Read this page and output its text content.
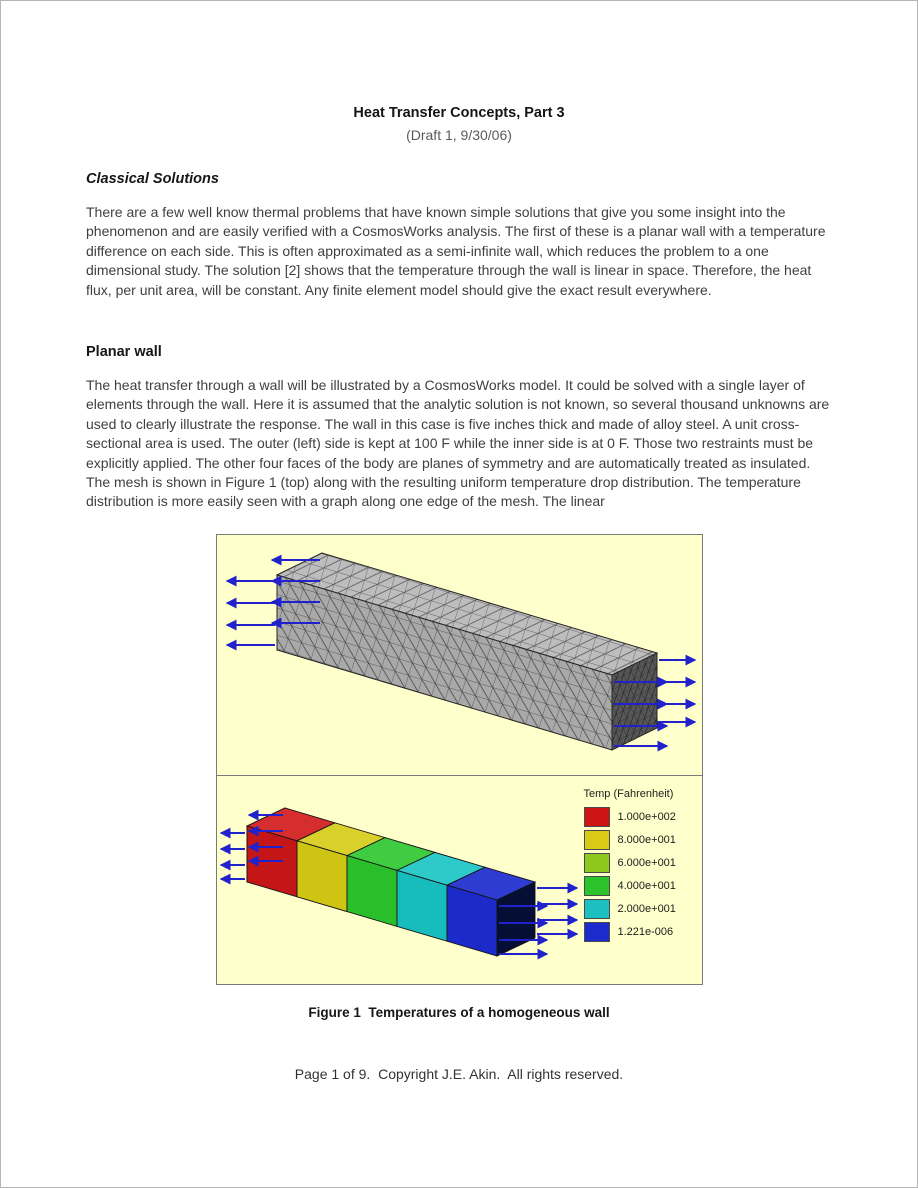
Heat Transfer Concepts, Part 3
(Draft 1, 9/30/06)
Classical Solutions

There are a few well know thermal problems that have known simple solutions that give you some insight into the phenomenon and are easily verified with a CosmosWorks analysis. The first of these is a planar wall with a temperature difference on each side. This is often approximated as a semi-infinite wall, which reduces the problem to a one dimensional study. The solution [2] shows that the temperature through the wall is linear in space. Therefore, the heat flux, per unit area, will be constant. Any finite element model should give the exact result everywhere.

Planar wall

The heat transfer through a wall will be illustrated by a CosmosWorks model. It could be solved with a single layer of elements through the wall. Here it is assumed that the analytic solution is not known, so several thousand unknowns are used to clearly illustrate the response. The wall in this case is five inches thick and made of alloy steel. A unit cross-sectional area is used. The outer (left) side is kept at 100 F while the inner side is at 0 F. Those two restraints must be explicitly applied. The other four faces of the body are planes of symmetry and are automatically treated as insulated. The mesh is shown in Figure 1 (top) along with the resulting uniform temperature drop distribution. The temperature distribution is more easily seen with a graph along one edge of the mesh. The linear

Temp (Fahrenheit)
1.000e+002
8.000e+001
6.000e+001
4.000e+001
2.000e+001
1.221e-006
Figure 1  Temperatures of a homogeneous wall
Page 1 of 9.  Copyright J.E. Akin.  All rights reserved.
